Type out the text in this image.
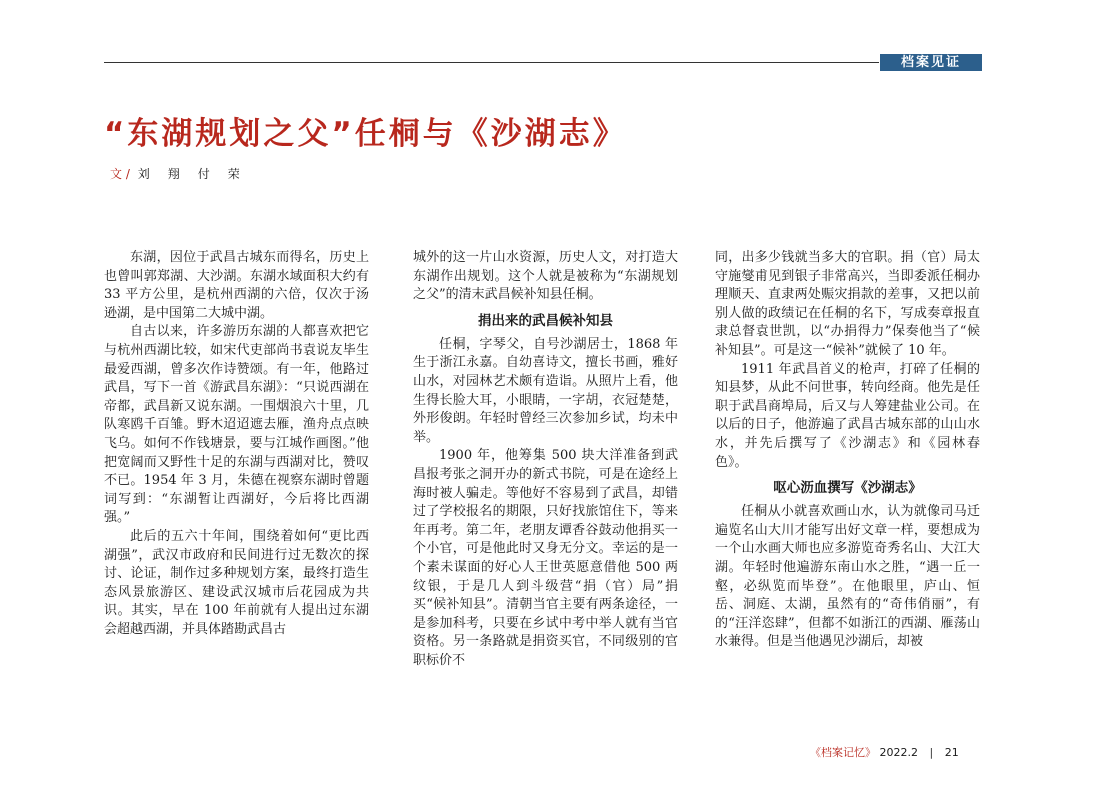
档案见证
“东湖规划之父”任桐与《沙湖志》
文 / 刘翔付荣

东湖，因位于武昌古城东而得名，历史上也曾叫郭郑湖、大沙湖。东湖水域面积大约有 33 平方公里，是杭州西湖的六倍，仅次于汤逊湖，是中国第二大城中湖。

自古以来，许多游历东湖的人都喜欢把它与杭州西湖比较，如宋代吏部尚书袁说友毕生最爱西湖，曾多次作诗赞颂。有一年，他路过武昌，写下一首《游武昌东湖》：“只说西湖在帝都，武昌新又说东湖。一围烟浪六十里，几队寒鸥千百雏。野木迢迢遮去雁，渔舟点点映飞乌。如何不作钱塘景，要与江城作画图。”他把宽阔而又野性十足的东湖与西湖对比，赞叹不已。1954 年 3 月，朱德在视察东湖时曾题词写到：“东湖暂让西湖好，今后将比西湖强。”

此后的五六十年间，围绕着如何“更比西湖强”，武汉市政府和民间进行过无数次的探讨、论证，制作过多种规划方案，最终打造生态风景旅游区、建设武汉城市后花园成为共识。其实，早在 100 年前就有人提出过东湖会超越西湖，并具体踏勘武昌古

城外的这一片山水资源，历史人文，对打造大东湖作出规划。这个人就是被称为“东湖规划之父”的清末武昌候补知县任桐。

捐出来的武昌候补知县

任桐，字琴父，自号沙湖居士，1868 年生于浙江永嘉。自幼喜诗文，擅长书画，雅好山水，对园林艺术颇有造诣。从照片上看，他生得长脸大耳，小眼睛，一字胡，衣冠楚楚，外形俊朗。年轻时曾经三次参加乡试，均未中举。

1900 年，他筹集 500 块大洋准备到武昌报考张之洞开办的新式书院，可是在途经上海时被人骗走。等他好不容易到了武昌，却错过了学校报名的期限，只好找旅馆住下，等来年再考。第二年，老朋友谭香谷鼓动他捐买一个小官，可是他此时又身无分文。幸运的是一个素未谋面的好心人王世英愿意借他 500 两纹银，于是几人到斗级营“捐（官）局”捐买“候补知县”。清朝当官主要有两条途径，一是参加科考，只要在乡试中考中举人就有当官资格。另一条路就是捐资买官，不同级别的官职标价不

同，出多少钱就当多大的官职。捐（官）局太守施燮甫见到银子非常高兴，当即委派任桐办理顺天、直隶两处赈灾捐款的差事，又把以前别人做的政绩记在任桐的名下，写成奏章报直隶总督袁世凯，以“办捐得力”保奏他当了“候补知县”。可是这一“候补”就候了 10 年。

1911 年武昌首义的枪声，打碎了任桐的知县梦，从此不问世事，转向经商。他先是任职于武昌商埠局，后又与人筹建盐业公司。在以后的日子，他游遍了武昌古城东部的山山水水，并先后撰写了《沙湖志》和《园林春色》。

呕心沥血撰写《沙湖志》

任桐从小就喜欢画山水，认为就像司马迁遍览名山大川才能写出好文章一样，要想成为一个山水画大师也应多游览奇秀名山、大江大湖。年轻时他遍游东南山水之胜，“遇一丘一壑，必纵览而毕登”。在他眼里，庐山、恒岳、洞庭、太湖，虽然有的“奇伟俏丽”，有的“汪洋恣肆”，但都不如浙江的西湖、雁荡山水兼得。但是当他遇见沙湖后，却被

《档案记忆》 2022.2 | 21
